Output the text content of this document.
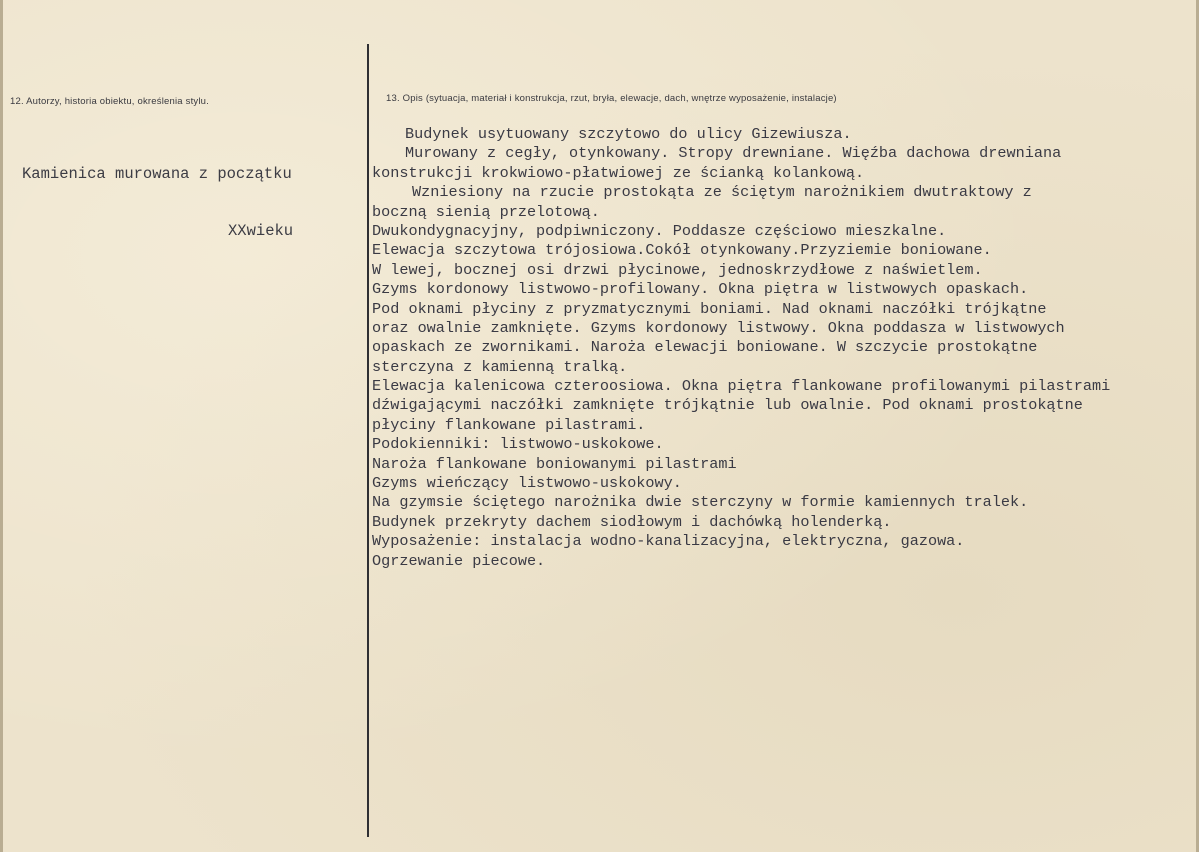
12. Autorzy, historia obiektu, określenia stylu.	13. Opis (sytuacja, materiał i konstrukcja, rzut, bryła, elewacje, dach, wnętrze wyposażenie, instalacje)

Kamienica murowana z początku

XXwieku

Budynek usytuowany szczytowo do ulicy Gizewiusza.
Murowany z cegły, otynkowany. Stropy drewniane. Więźba dachowa drewniana
konstrukcji krokwiowo-płatwiowej ze ścianką kolankową.
Wzniesiony na rzucie prostokąta ze ściętym narożnikiem dwutraktowy z
boczną sienią przelotową.
Dwukondygnacyjny, podpiwniczony. Poddasze częściowo mieszkalne.
Elewacja szczytowa trójosiowa.Cokół otynkowany.Przyziemie boniowane.
W lewej, bocznej osi drzwi płycinowe, jednoskrzydłowe z naświetlem.
Gzyms kordonowy listwowo-profilowany. Okna piętra w listwowych opaskach.
Pod oknami płyciny z pryzmatycznymi boniami. Nad oknami naczółki trójkątne
oraz owalnie zamknięte. Gzyms kordonowy listwowy. Okna poddasza w listwowych
opaskach ze zwornikami. Naroża elewacji boniowane. W szczycie prostokątne
sterczyna z kamienną tralką.
Elewacja kalenicowa czteroosiowa. Okna piętra flankowane profilowanymi pilastrami
dźwigającymi naczółki zamknięte trójkątnie lub owalnie. Pod oknami prostokątne
płyciny flankowane pilastrami.
Podokienniki: listwowo-uskokowe.
Naroża flankowane boniowanymi pilastrami
Gzyms wieńczący listwowo-uskokowy.
Na gzymsie ściętego narożnika dwie sterczyny w formie kamiennych tralek.
Budynek przekryty dachem siodłowym i dachówką holenderką.
Wyposażenie: instalacja wodno-kanalizacyjna, elektryczna, gazowa.
Ogrzewanie piecowe.
